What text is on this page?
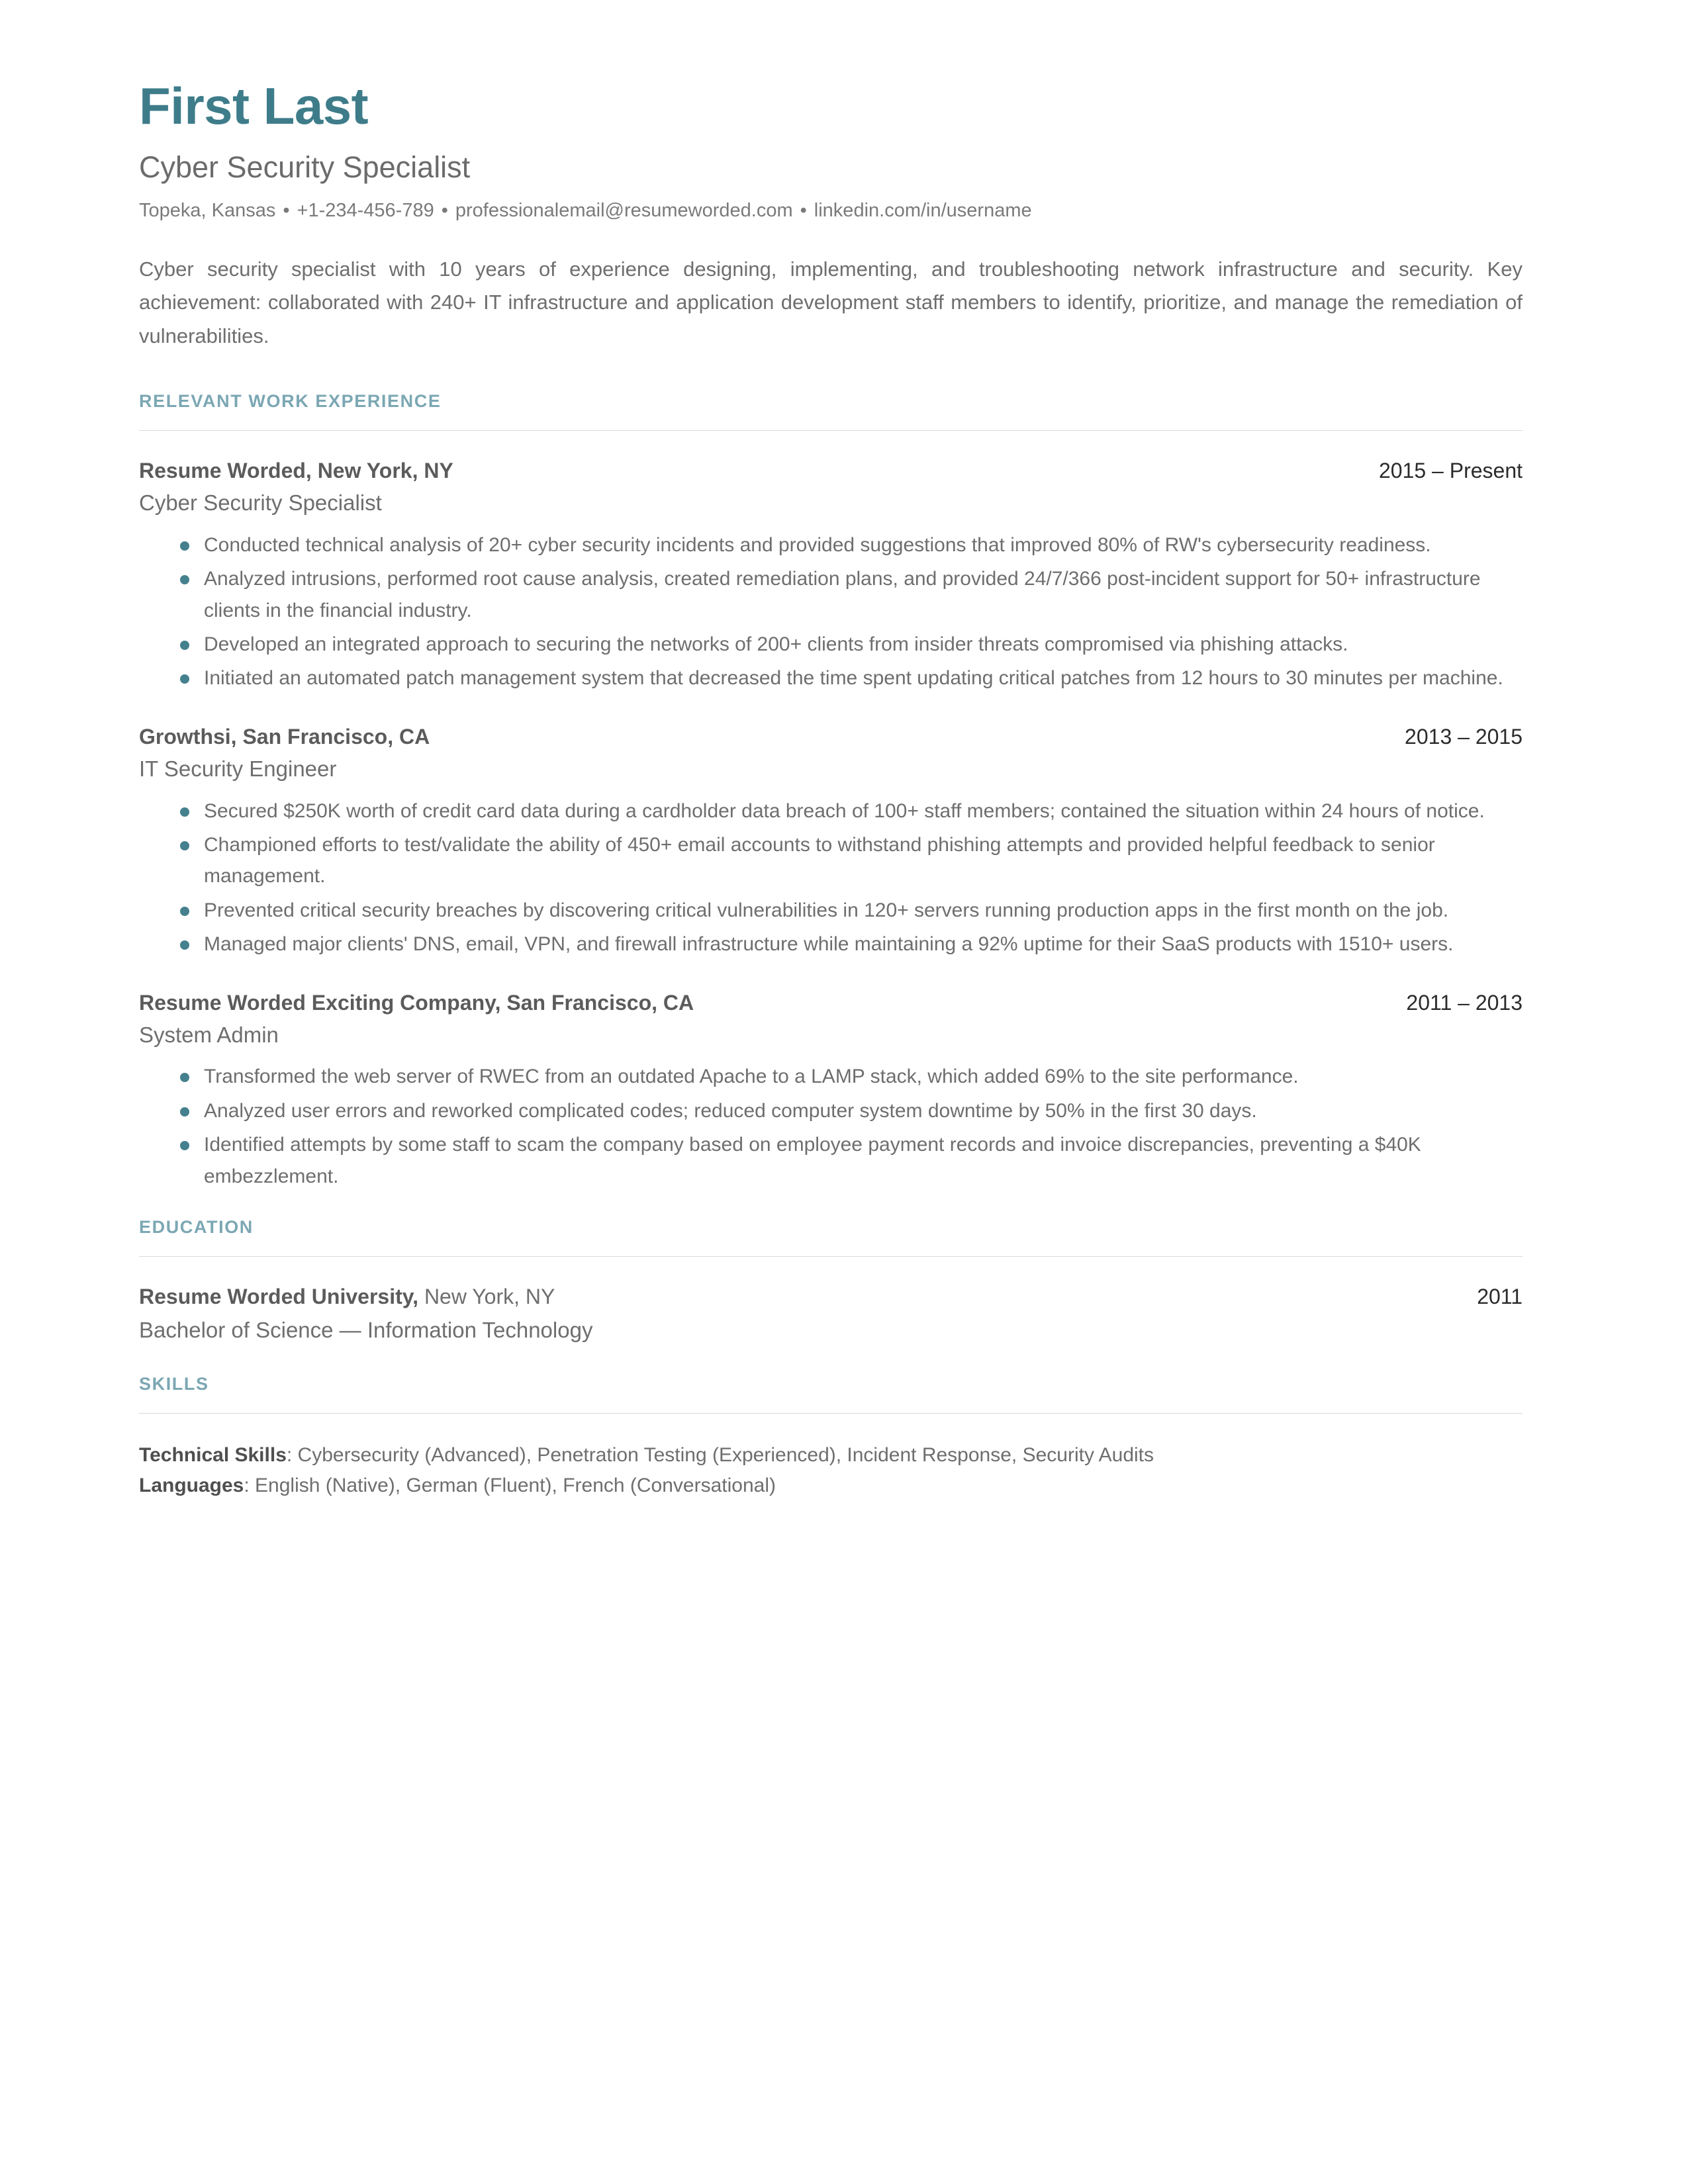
First Last
Cyber Security Specialist
Topeka, Kansas • +1-234-456-789 • professionalemail@resumeworded.com • linkedin.com/in/username

Cyber security specialist with 10 years of experience designing, implementing, and troubleshooting network infrastructure and security. Key achievement: collaborated with 240+ IT infrastructure and application development staff members to identify, prioritize, and manage the remediation of vulnerabilities.

RELEVANT WORK EXPERIENCE
Resume Worded, New York, NY	2015 – Present
Cyber Security Specialist
Conducted technical analysis of 20+ cyber security incidents and provided suggestions that improved 80% of RW's cybersecurity readiness.
Analyzed intrusions, performed root cause analysis, created remediation plans, and provided 24/7/366 post-incident support for 50+ infrastructure clients in the financial industry.
Developed an integrated approach to securing the networks of 200+ clients from insider threats compromised via phishing attacks.
Initiated an automated patch management system that decreased the time spent updating critical patches from 12 hours to 30 minutes per machine.
Growthsi, San Francisco, CA	2013 – 2015
IT Security Engineer
Secured $250K worth of credit card data during a cardholder data breach of 100+ staff members; contained the situation within 24 hours of notice.
Championed efforts to test/validate the ability of 450+ email accounts to withstand phishing attempts and provided helpful feedback to senior management.
Prevented critical security breaches by discovering critical vulnerabilities in 120+ servers running production apps in the first month on the job.
Managed major clients' DNS, email, VPN, and firewall infrastructure while maintaining a 92% uptime for their SaaS products with 1510+ users.
Resume Worded Exciting Company, San Francisco, CA	2011 – 2013
System Admin
Transformed the web server of RWEC from an outdated Apache to a LAMP stack, which added 69% to the site performance.
Analyzed user errors and reworked complicated codes; reduced computer system downtime by 50% in the first 30 days.
Identified attempts by some staff to scam the company based on employee payment records and invoice discrepancies, preventing a $40K embezzlement.
EDUCATION
Resume Worded University, New York, NY	2011
Bachelor of Science — Information Technology
SKILLS
Technical Skills: Cybersecurity (Advanced), Penetration Testing (Experienced), Incident Response, Security Audits
Languages: English (Native), German (Fluent), French (Conversational)
